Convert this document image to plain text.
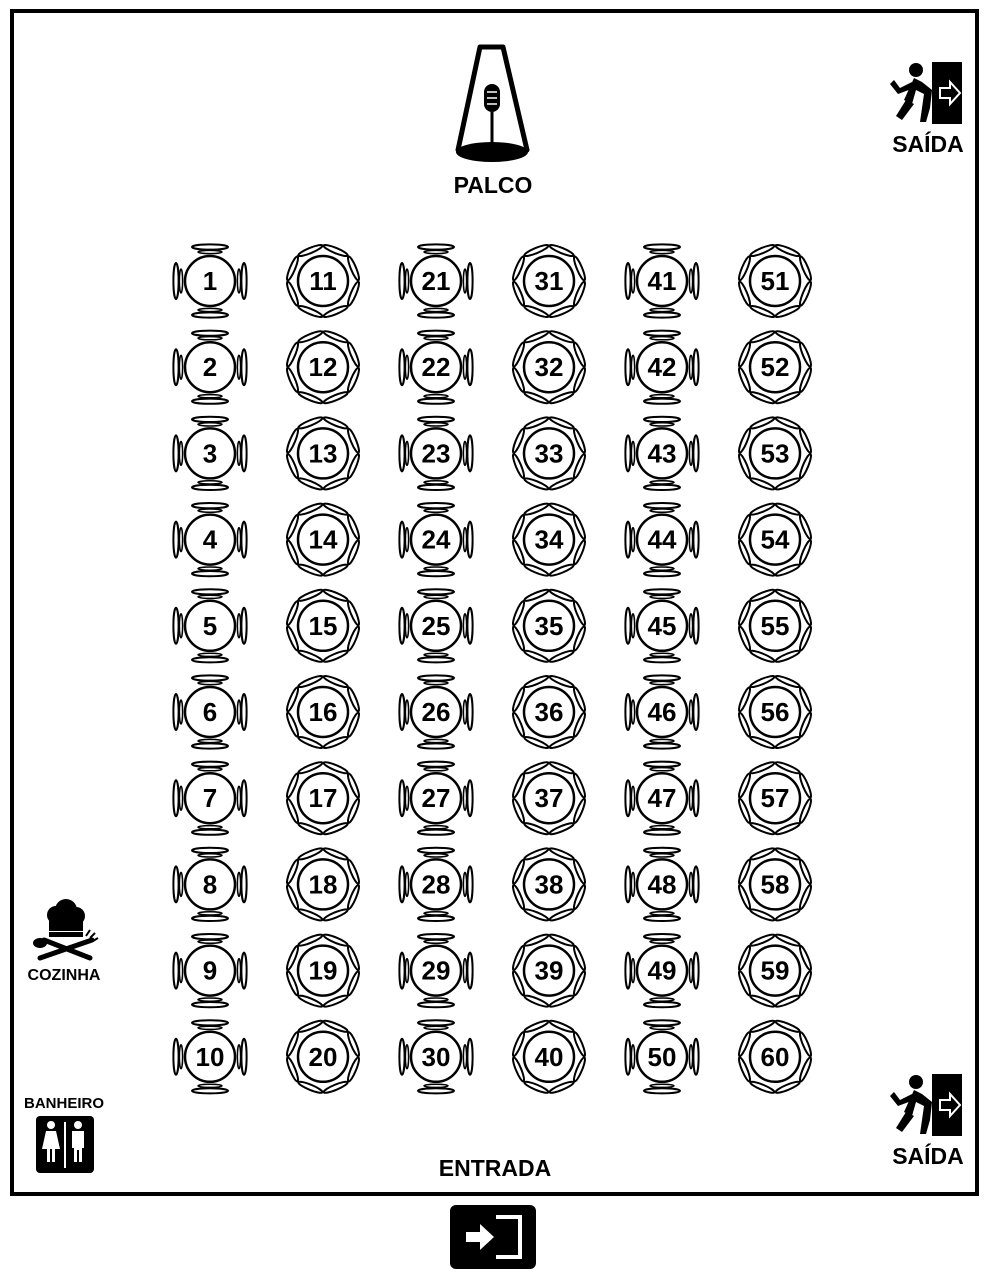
1
2
3
4
5
6
7
8
9
10
11
12
13
14
15
16
17
18
19
20
21
22
23
24
25
26
27
28
29
30
31
32
33
34
35
36
37
38
39
40
41
42
43
44
45
46
47
48
49
50
51
52
53
54
55
56
57
58
59
60
PALCO
SAÍDA
SAÍDA
COZINHA
BANHEIRO
ENTRADA
